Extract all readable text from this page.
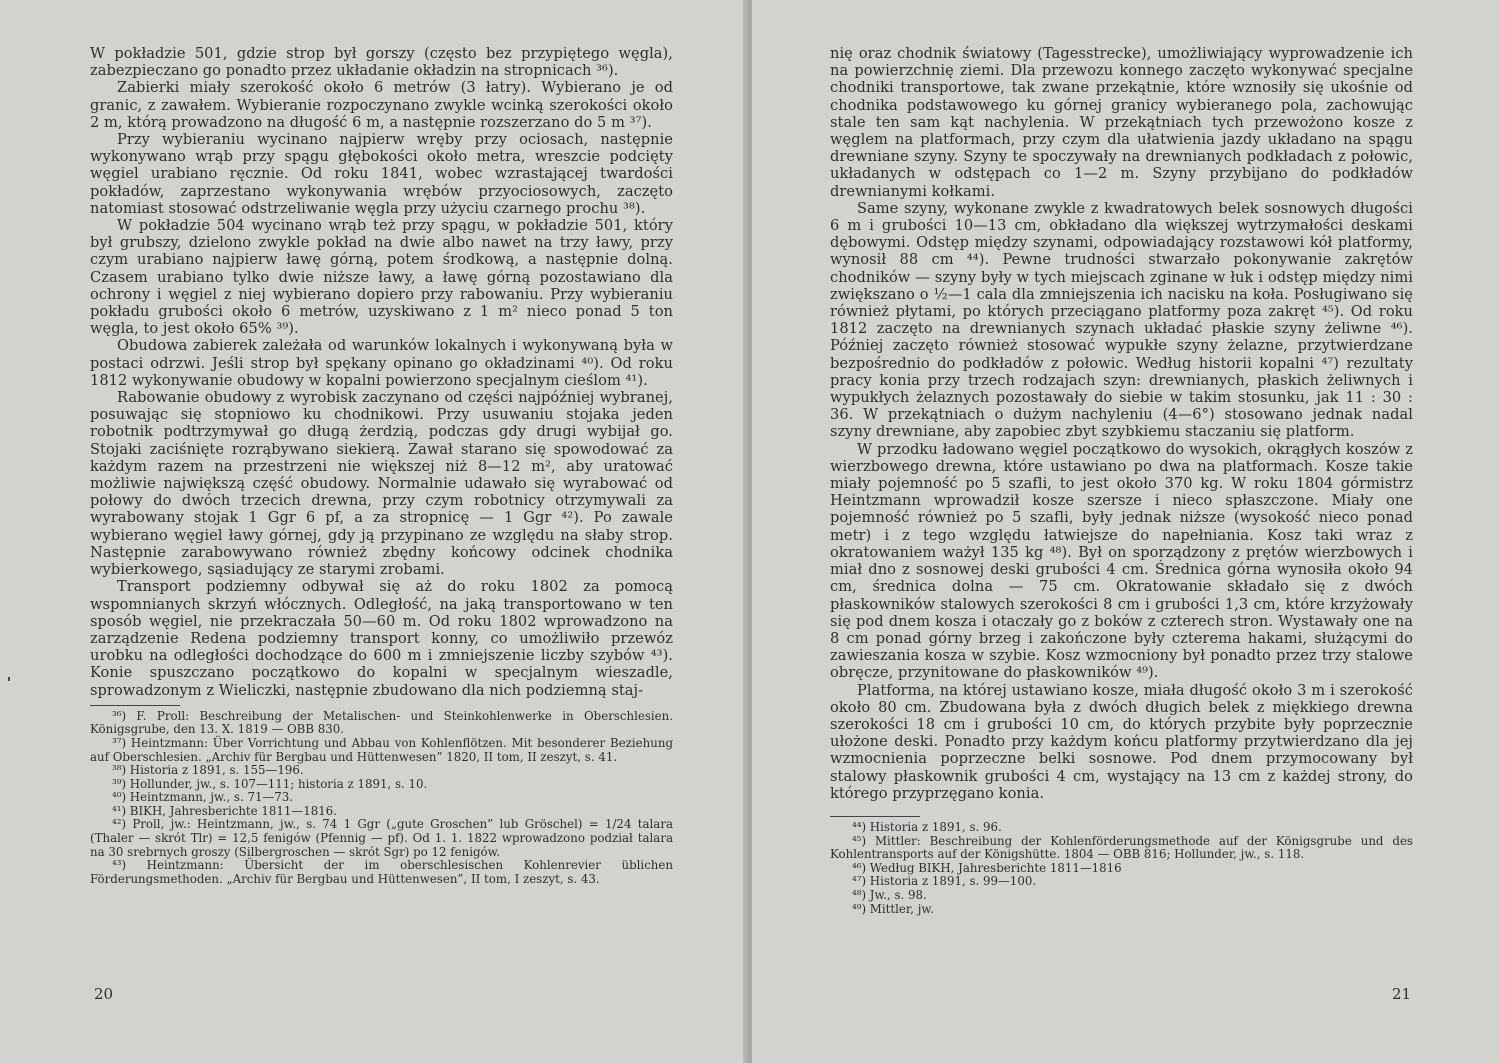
W pokładzie 501, gdzie strop był gorszy (często bez przypiętego węgla), zabezpieczano go ponadto przez układanie okładzin na stropnicach ³⁶).

Zabierki miały szerokość około 6 metrów (3 łatry). Wybierano je od granic, z zawałem. Wybieranie rozpoczynano zwykle wcinką szerokości około 2 m, którą prowadzono na długość 6 m, a następnie rozszerzano do 5 m ³⁷).

Przy wybieraniu wycinano najpierw wręby przy ociosach, następnie wykonywano wrąb przy spągu głębokości około metra, wreszcie podcięty węgiel urabiano ręcznie. Od roku 1841, wobec wzrastającej twardości pokładów, zaprzestano wykonywania wrębów przyociosowych, zaczęto natomiast stosować odstrzeliwanie węgla przy użyciu czarnego prochu ³⁸).

W pokładzie 504 wycinano wrąb też przy spągu, w pokładzie 501, który był grubszy, dzielono zwykle pokład na dwie albo nawet na trzy ławy, przy czym urabiano najpierw ławę górną, potem środkową, a następnie dolną. Czasem urabiano tylko dwie niższe ławy, a ławę górną pozostawiano dla ochrony i węgiel z niej wybierano dopiero przy rabowaniu. Przy wybieraniu pokładu grubości około 6 metrów, uzyskiwano z 1 m² nieco ponad 5 ton węgla, to jest około 65% ³⁹).

Obudowa zabierek zależała od warunków lokalnych i wykonywaną była w postaci odrzwi. Jeśli strop był spękany opinano go okładzinami ⁴⁰). Od roku 1812 wykonywanie obudowy w kopalni powierzono specjalnym cieślom ⁴¹).

Rabowanie obudowy z wyrobisk zaczynano od części najpóźniej wybranej, posuwając się stopniowo ku chodnikowi. Przy usuwaniu stojaka jeden robotnik podtrzymywał go długą żerdzią, podczas gdy drugi wybijał go. Stojaki zaciśnięte rozrąbywano siekierą. Zawał starano się spowodować za każdym razem na przestrzeni nie większej niż 8—12 m², aby uratować możliwie największą część obudowy. Normalnie udawało się wyrabować od połowy do dwóch trzecich drewna, przy czym robotnicy otrzymywali za wyrabowany stojak 1 Ggr 6 pf, a za stropnicę — 1 Ggr ⁴²). Po zawale wybierano węgiel ławy górnej, gdy ją przypinano ze względu na słaby strop. Następnie zarabowywano również zbędny końcowy odcinek chodnika wybierkowego, sąsiadujący ze starymi zrobami.

Transport podziemny odbywał się aż do roku 1802 za pomocą wspomnianych skrzyń włócznych. Odległość, na jaką transportowano w ten sposób węgiel, nie przekraczała 50—60 m. Od roku 1802 wprowadzono na zarządzenie Redena podziemny transport konny, co umożliwiło przewóz urobku na odległości dochodzące do 600 m i zmniejszenie liczby szybów ⁴³). Konie spuszczano początkowo do kopalni w specjalnym wieszadle, sprowadzonym z Wieliczki, następnie zbudowano dla nich podziemną staj-

³⁶) F. Proll: Beschreibung der Metalischen- und Steinkohlenwerke in Oberschlesien. Königsgrube, den 13. X. 1819 — OBB 830.

³⁷) Heintzmann: Über Vorrichtung und Abbau von Kohlenflötzen. Mit besonderer Beziehung auf Oberschlesien. „Archiv für Bergbau und Hüttenwesen” 1820, II tom, II zeszyt, s. 41.

³⁸) Historia z 1891, s. 155—196.

³⁹) Hollunder, jw., s. 107—111; historia z 1891, s. 10.

⁴⁰) Heintzmann, jw., s. 71—73.

⁴¹) BIKH, Jahresberichte 1811—1816.

⁴²) Proll, jw.: Heintzmann, jw., s. 74 1 Ggr („gute Groschen” lub Gröschel) = 1/24 talara (Thaler — skrót Tlr) = 12,5 fenigów (Pfennig — pf). Od 1. 1. 1822 wprowadzono podział talara na 30 srebrnych groszy (Silbergroschen — skrót Sgr) po 12 fenigów.

⁴³) Heintzmann: Übersicht der im oberschlesischen Kohlenrevier üblichen Förderungsmethoden. „Archiv für Bergbau und Hüttenwesen”, II tom, I zeszyt, s. 43.

20

nię oraz chodnik światowy (Tagesstrecke), umożliwiający wyprowadzenie ich na powierzchnię ziemi. Dla przewozu konnego zaczęto wykonywać specjalne chodniki transportowe, tak zwane przekątnie, które wznosiły się ukośnie od chodnika podstawowego ku górnej granicy wybieranego pola, zachowując stale ten sam kąt nachylenia. W przekątniach tych przewożono kosze z węglem na platformach, przy czym dla ułatwienia jazdy układano na spągu drewniane szyny. Szyny te spoczywały na drewnianych podkładach z połowic, układanych w odstępach co 1—2 m. Szyny przybijano do podkładów drewnianymi kołkami.

Same szyny, wykonane zwykle z kwadratowych belek sosnowych długości 6 m i grubości 10—13 cm, obkładano dla większej wytrzymałości deskami dębowymi. Odstęp między szynami, odpowiadający rozstawowi kół platformy, wynosił 88 cm ⁴⁴). Pewne trudności stwarzało pokonywanie zakrętów chodników — szyny były w tych miejscach zginane w łuk i odstęp między nimi zwiększano o ½—1 cala dla zmniejszenia ich nacisku na koła. Posługiwano się również płytami, po których przeciągano platformy poza zakręt ⁴⁵). Od roku 1812 zaczęto na drewnianych szynach układać płaskie szyny żeliwne ⁴⁶). Później zaczęto również stosować wypukłe szyny żelazne, przytwierdzane bezpośrednio do podkładów z połowic. Według historii kopalni ⁴⁷) rezultaty pracy konia przy trzech rodzajach szyn: drewnianych, płaskich żeliwnych i wypukłych żelaznych pozostawały do siebie w takim stosunku, jak 11 : 30 : 36. W przekątniach o dużym nachyleniu (4—6°) stosowano jednak nadal szyny drewniane, aby zapobiec zbyt szybkiemu staczaniu się platform.

W przodku ładowano węgiel początkowo do wysokich, okrągłych koszów z wierzbowego drewna, które ustawiano po dwa na platformach. Kosze takie miały pojemność po 5 szafli, to jest około 370 kg. W roku 1804 górmistrz Heintzmann wprowadził kosze szersze i nieco spłaszczone. Miały one pojemność również po 5 szafli, były jednak niższe (wysokość nieco ponad metr) i z tego względu łatwiejsze do napełniania. Kosz taki wraz z okratowaniem ważył 135 kg ⁴⁸). Był on sporządzony z prętów wierzbowych i miał dno z sosnowej deski grubości 4 cm. Średnica górna wynosiła około 94 cm, średnica dolna — 75 cm. Okratowanie składało się z dwóch płaskowników stalowych szerokości 8 cm i grubości 1,3 cm, które krzyżowały się pod dnem kosza i otaczały go z boków z czterech stron. Wystawały one na 8 cm ponad górny brzeg i zakończone były czterema hakami, służącymi do zawieszania kosza w szybie. Kosz wzmocniony był ponadto przez trzy stalowe obręcze, przynitowane do płaskowników ⁴⁹).

Platforma, na której ustawiano kosze, miała długość około 3 m i szerokość około 80 cm. Zbudowana była z dwóch długich belek z miękkiego drewna szerokości 18 cm i grubości 10 cm, do których przybite były poprzecznie ułożone deski. Ponadto przy każdym końcu platformy przytwierdzano dla jej wzmocnienia poprzeczne belki sosnowe. Pod dnem przymocowany był stalowy płaskownik grubości 4 cm, wystający na 13 cm z każdej strony, do którego przyprzęgano konia.

⁴⁴) Historia z 1891, s. 96.

⁴⁵) Mittler: Beschreibung der Kohlenförderungsmethode auf der Königsgrube und des Kohlentransports auf der Königshütte. 1804 — OBB 816; Hollunder, jw., s. 118.

⁴⁶) Według BIKH, Jahresberichte 1811—1816

⁴⁷) Historia z 1891, s. 99—100.

⁴⁸) Jw., s. 98.

⁴⁹) Mittler, jw.

21
